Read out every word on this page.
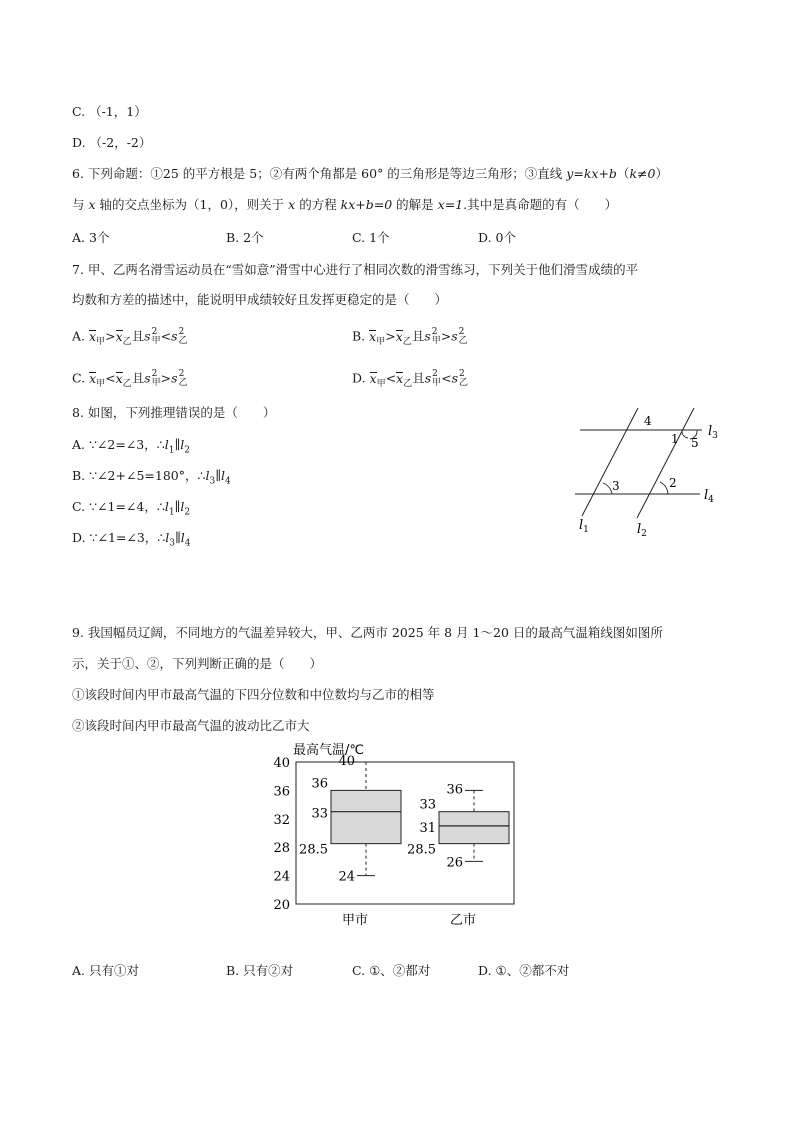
C. （-1，1）
D. （-2，-2）
6. 下列命题：①25 的平方根是 5；②有两个角都是 60° 的三角形是等边三角形；③直线 y=kx+b（k≠0）
与 x 轴的交点坐标为（1，0），则关于 x 的方程 kx+b=0 的解是 x=1.其中是真命题的有（　　）
A. 3个	B. 2个	C. 1个	D. 0个
7. 甲、乙两名滑雪运动员在“雪如意”滑雪中心进行了相同次数的滑雪练习，下列关于他们滑雪成绩的平
均数和方差的描述中，能说明甲成绩较好且发挥更稳定的是（　　）
A. $x_甲>x_乙$且s 2
甲 <s 2
乙	B. $x_甲>x_乙$且s 2
甲 >s 2
乙
C. $x_甲<x_乙$且s 2
甲 >s 2
乙	D. $x_甲<x_乙$且s 2
甲 <s 2
乙
8. 如图，下列推理错误的是（　　）
A. ∵∠2=∠3，$\therefore l_1\parallel l_2$
B. ∵∠2+∠5=180°，$\therefore l_3\parallel l_4$
C. ∵∠1=∠4，$\therefore l_1\parallel l_2$
D. ∵∠1=∠3，$\therefore l_3\parallel l_4$
4
1 5
3	2
$l_3$
$l_4$
$l_1$	$l_2$
9. 我国幅员辽阔，不同地方的气温差异较大，甲、乙两市 2025 年 8 月 1～20 日的最高气温箱线图如图所
示，关于①、②，下列判断正确的是（　　）
①该段时间内甲市最高气温的下四分位数和中位数均与乙市的相等
②该段时间内甲市最高气温的波动比乙市大
最高气温/℃
20
24
28
32
36
40
36
33
28.5
40
24
33
31
28.5
36
26
甲市	乙市
A. 只有①对	B. 只有②对	C. ①、②都对	D. ①、②都不对
